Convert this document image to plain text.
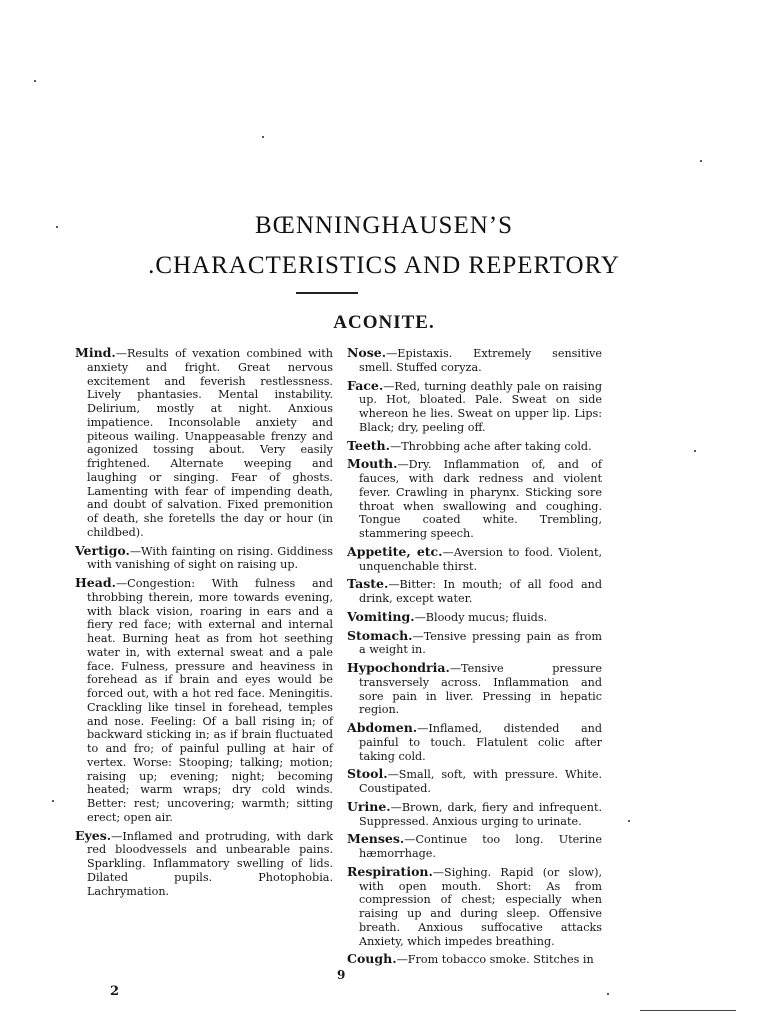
BŒNNINGHAUSEN’S
.CHARACTERISTICS AND REPERTORY
ACONITE.

Mind.—Results of vexation combined with anxiety and fright. Great nervous excitement and feverish restlessness. Lively phantasies. Mental instability. Delirium, mostly at night. Anxious impatience. Inconsolable anxiety and piteous wailing. Unappeasable frenzy and agonized tossing about. Very easily frightened. Alternate weeping and laughing or singing. Fear of ghosts. Lamenting with fear of impending death, and doubt of salvation. Fixed premonition of death, she foretells the day or hour (in childbed).

Vertigo.—With fainting on rising. Giddiness with vanishing of sight on raising up.

Head.—Congestion: With fulness and throbbing therein, more towards evening, with black vision, roaring in ears and a fiery red face; with external and internal heat. Burning heat as from hot seething water in, with external sweat and a pale face. Fulness, pressure and heaviness in forehead as if brain and eyes would be forced out, with a hot red face. Meningitis. Crackling like tinsel in forehead, temples and nose. Feeling: Of a ball rising in; of backward sticking in; as if brain fluctuated to and fro; of painful pulling at hair of vertex. Worse: Stooping; talking; motion; raising up; evening; night; becoming heated; warm wraps; dry cold winds. Better: rest; uncovering; warmth; sitting erect; open air.

Eyes.—Inflamed and protruding, with dark red bloodvessels and unbearable pains. Sparkling. Inflammatory swelling of lids. Dilated pupils. Photophobia. Lachrymation.

Nose.—Epistaxis. Extremely sensitive smell. Stuffed coryza.

Face.—Red, turning deathly pale on raising up. Hot, bloated. Pale. Sweat on side whereon he lies. Sweat on upper lip. Lips: Black; dry, peeling off.

Teeth.—Throbbing ache after taking cold.

Mouth.—Dry. Inflammation of, and of fauces, with dark redness and violent fever. Crawling in pharynx. Sticking sore throat when swallowing and coughing. Tongue coated white. Trembling, stammering speech.

Appetite, etc.—Aversion to food. Violent, unquenchable thirst.

Taste.—Bitter: In mouth; of all food and drink, except water.

Vomiting.—Bloody mucus; fluids.

Stomach.—Tensive pressing pain as from a weight in.

Hypochondria.—Tensive pressure transversely across. Inflammation and sore pain in liver. Pressing in hepatic region.

Abdomen.—Inflamed, distended and painful to touch. Flatulent colic after taking cold.

Stool.—Small, soft, with pressure. White. Coustipated.

Urine.—Brown, dark, fiery and infrequent. Suppressed. Anxious urging to urinate.

Menses.—Continue too long. Uterine hæmorrhage.

Respiration.—Sighing. Rapid (or slow), with open mouth. Short: As from compression of chest; especially when raising up and during sleep. Offensive breath. Anxious suffocative attacks Anxiety, which impedes breathing.

Cough.—From tobacco smoke. Stitches in

9
2
